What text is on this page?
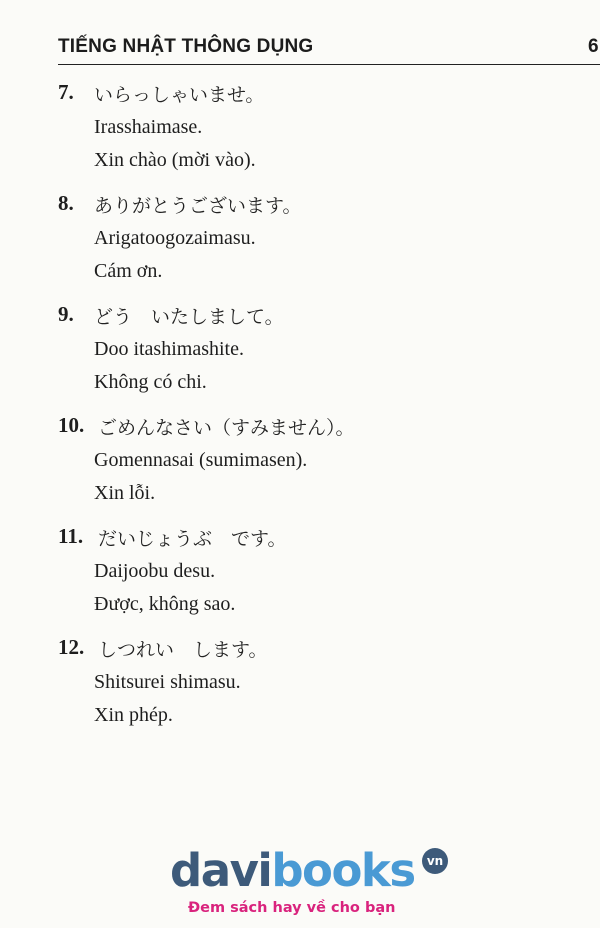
TIẾNG NHẬT THÔNG DỤNG	6
7. いらっしゃいませ。
Irasshaimase.
Xin chào (mời vào).
8. ありがとうございます。
Arigatoogozaimasu.
Cám ơn.
9. どう　いたしまして。
Doo itashimashite.
Không có chi.
10. ごめんなさい（すみません）。
Gomennasai (sumimasen).
Xin lỗi.
11. だいじょうぶ　です。
Daijoobu desu.
Được, không sao.
12. しつれい　します。
Shitsurei shimasu.
Xin phép.
davibooks	vn
Đem sách hay về cho bạn
